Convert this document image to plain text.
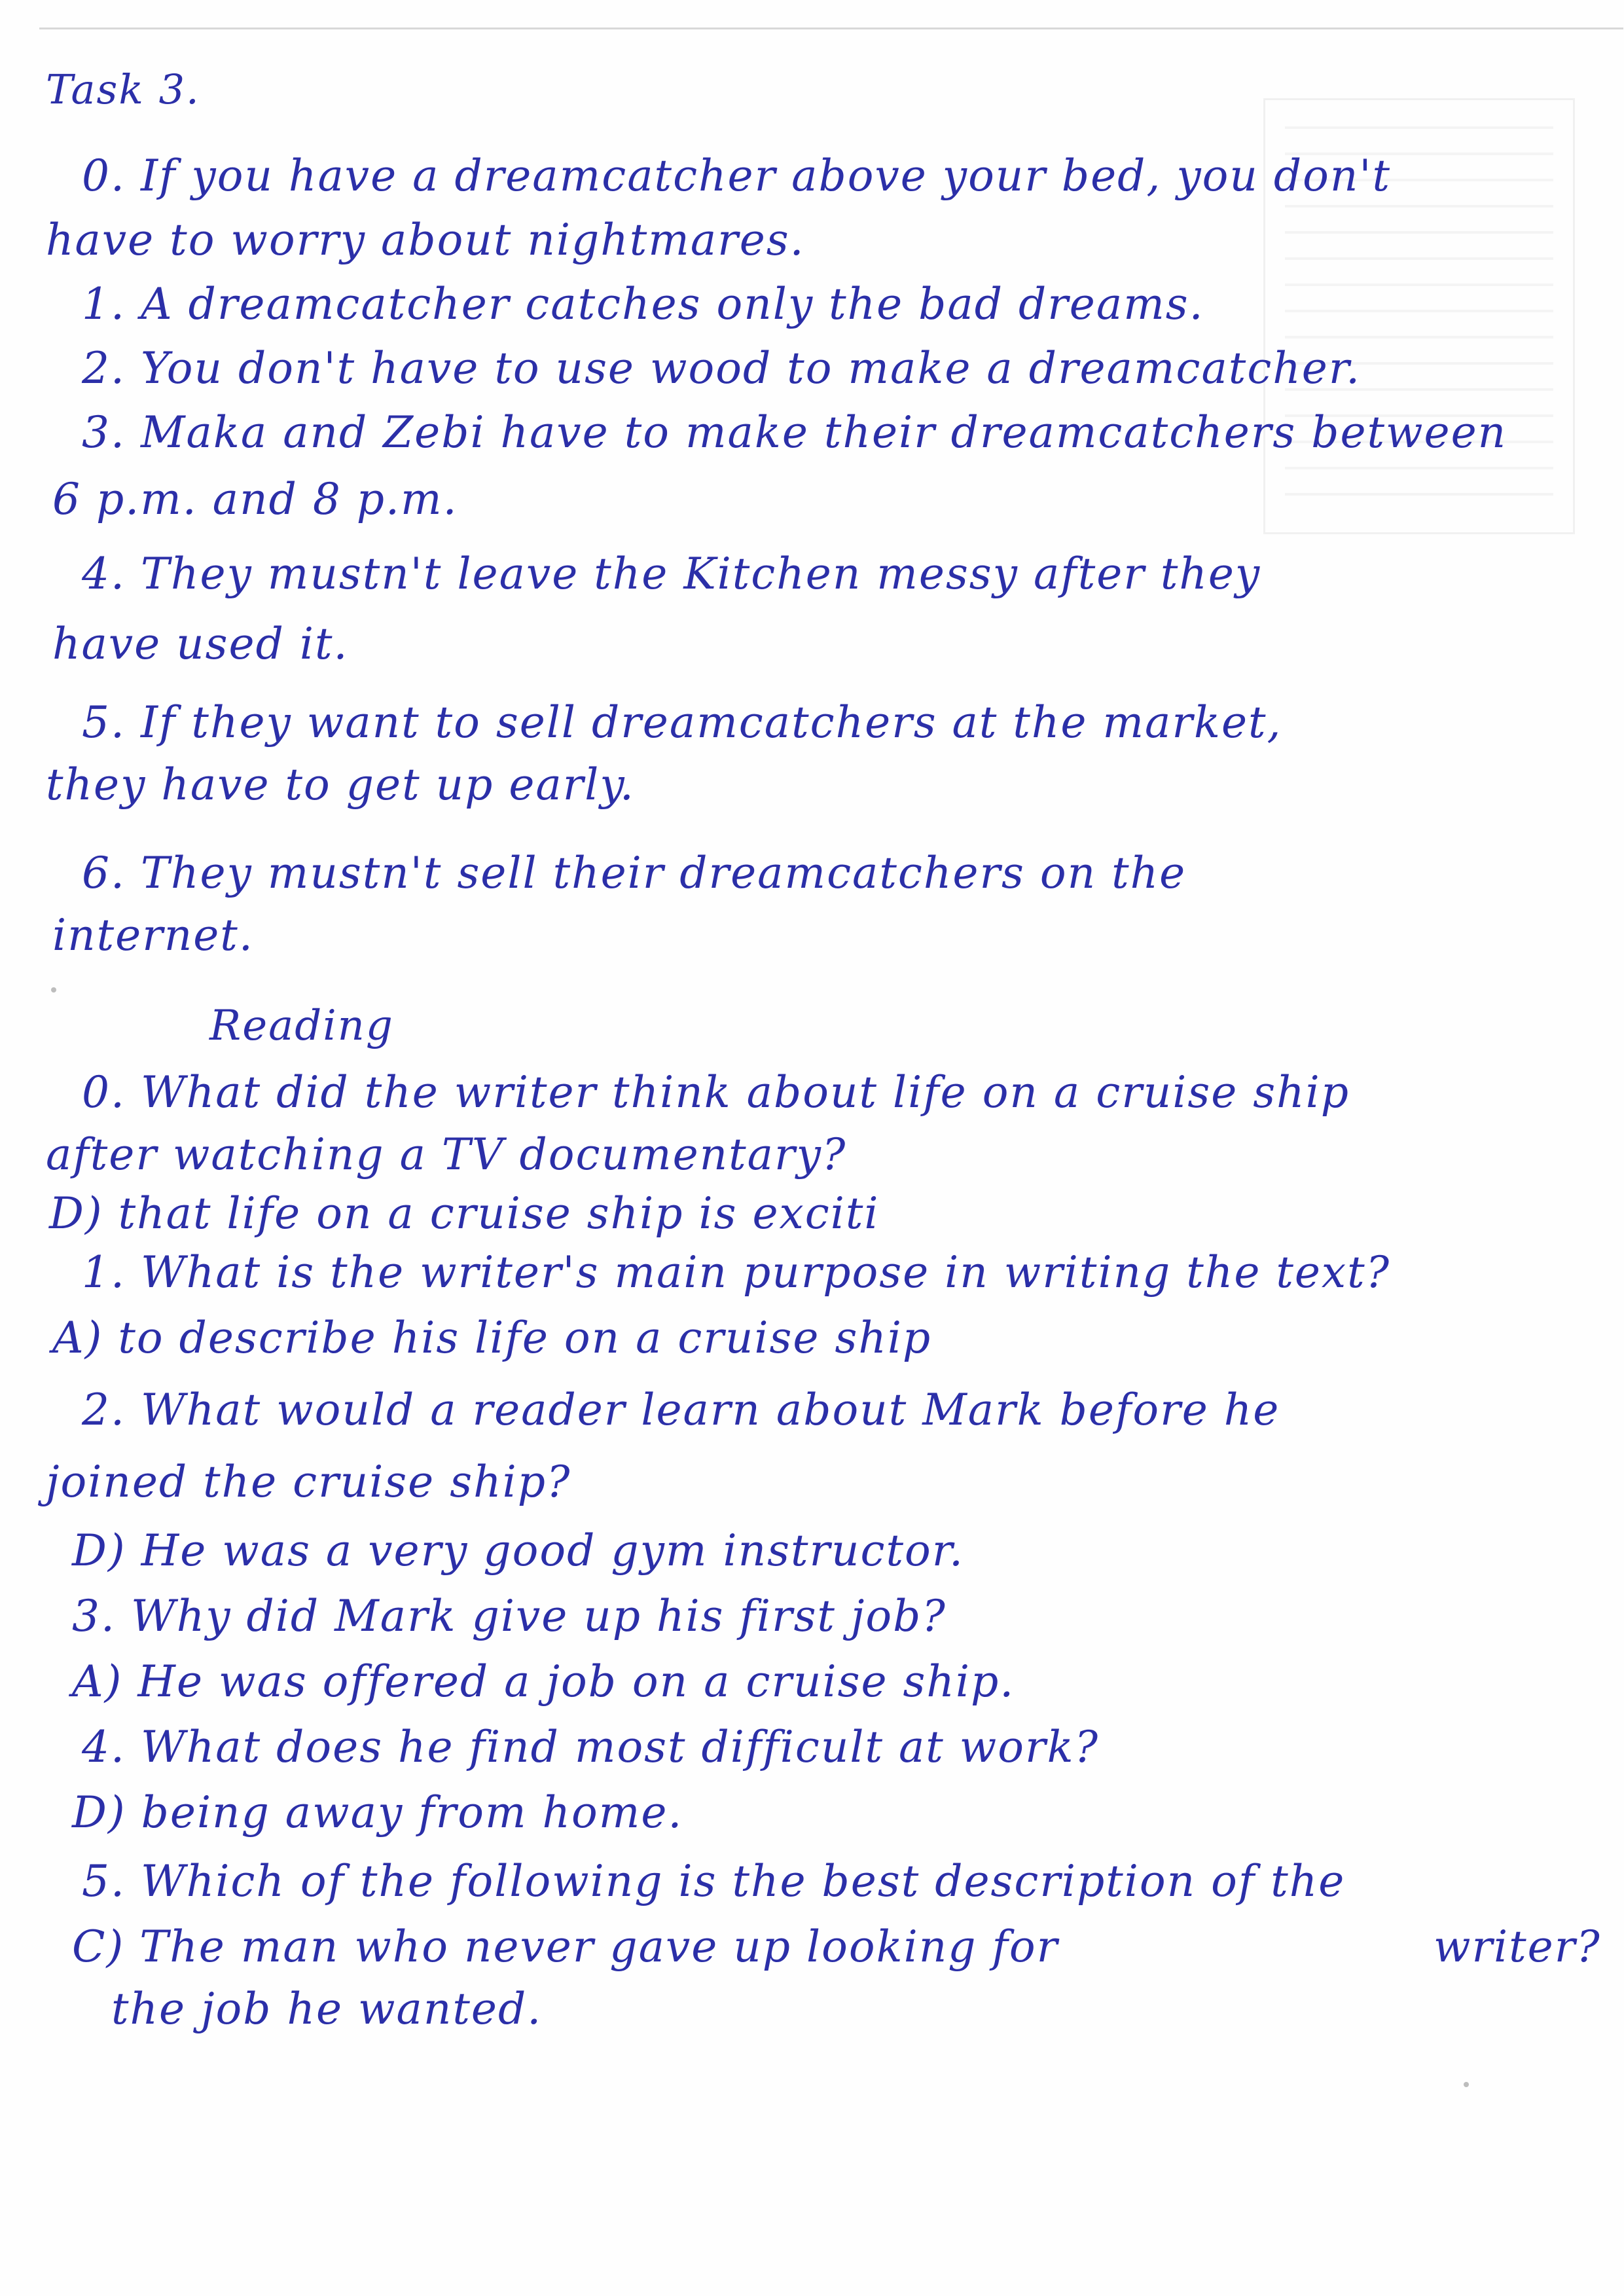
Task 3.
0. If you have a dreamcatcher above your bed, you don't
have to worry about nightmares.
1. A dreamcatcher catches only the bad dreams.
2. You don't have to use wood to make a dreamcatcher.
3. Maka and Zebi have to make their dreamcatchers between
6 p.m. and 8 p.m.
4. They mustn't leave the Kitchen messy after they
have used it.
5. If they want to sell dreamcatchers at the market,
they have to get up early.
6. They mustn't sell their dreamcatchers on the
internet.
Reading
0. What did the writer think about life on a cruise ship
after watching a TV documentary?
D) that life on a cruise ship is exciti
1. What is the writer's main purpose in writing the text?
A) to describe his life on a cruise ship
2. What would a reader learn about Mark before he
joined the cruise ship?
D) He was a very good gym instructor.
3. Why did Mark give up his first job?
A) He was offered a job on a cruise ship.
4. What does he find most difficult at work?
D) being away from home.
5. Which of the following is the best description of the
C) The man who never gave up looking for	writer?
the job he wanted.
